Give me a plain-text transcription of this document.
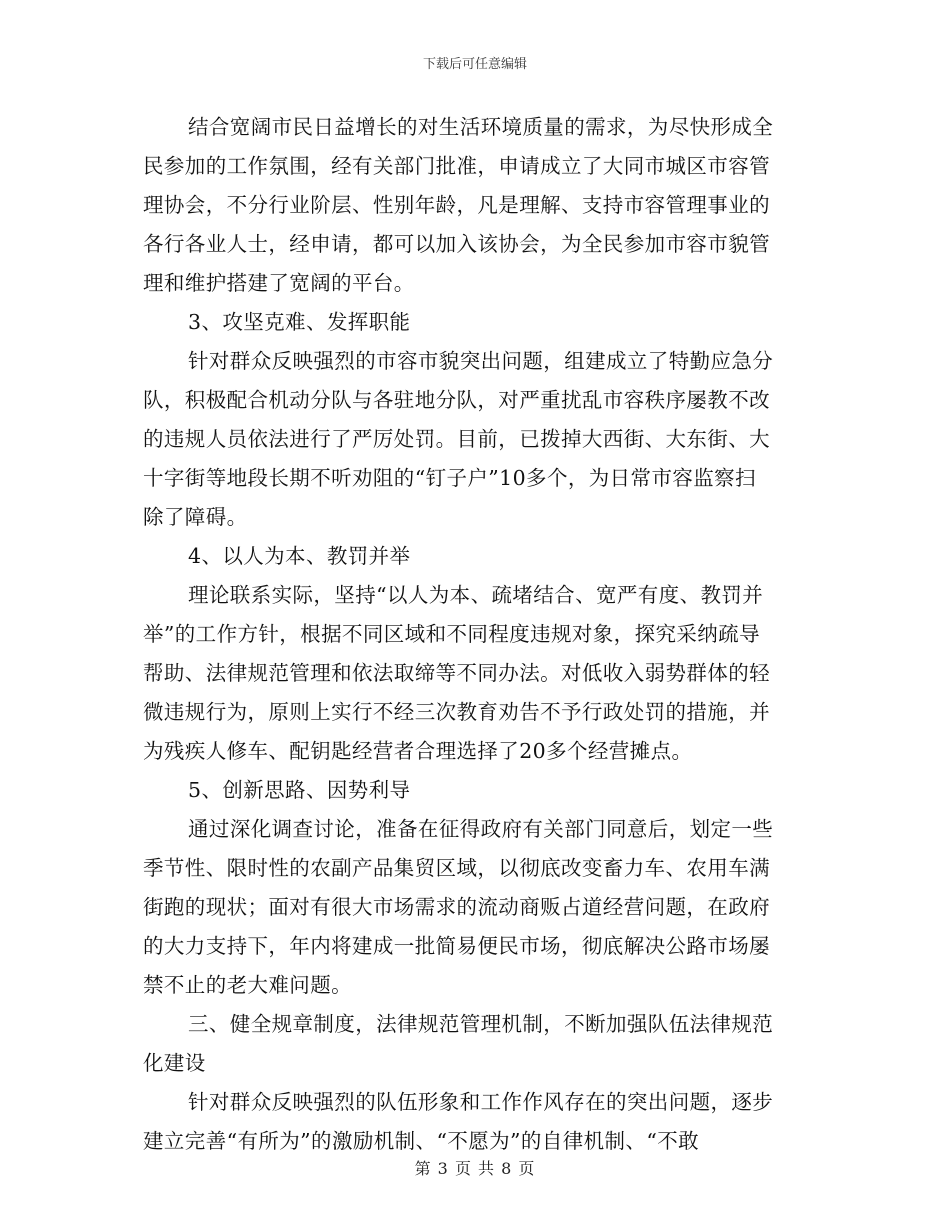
下载后可任意编辑
结合宽阔市民日益增长的对生活环境质量的需求，为尽快形成全
民参加的工作氛围，经有关部门批准，申请成立了大同市城区市容管
理协会，不分行业阶层、性别年龄，凡是理解、支持市容管理事业的
各行各业人士，经申请，都可以加入该协会，为全民参加市容市貌管
理和维护搭建了宽阔的平台。
3、攻坚克难、发挥职能
针对群众反映强烈的市容市貌突出问题，组建成立了特勤应急分
队，积极配合机动分队与各驻地分队，对严重扰乱市容秩序屡教不改
的违规人员依法进行了严厉处罚。目前，已拨掉大西街、大东街、大
十字街等地段长期不听劝阻的“钉子户”10多个，为日常市容监察扫
除了障碍。
4、以人为本、教罚并举
理论联系实际，坚持“以人为本、疏堵结合、宽严有度、教罚并
举”的工作方针，根据不同区域和不同程度违规对象，探究采纳疏导
帮助、法律规范管理和依法取缔等不同办法。对低收入弱势群体的轻
微违规行为，原则上实行不经三次教育劝告不予行政处罚的措施，并
为残疾人修车、配钥匙经营者合理选择了20多个经营摊点。
5、创新思路、因势利导
通过深化调查讨论，准备在征得政府有关部门同意后，划定一些
季节性、限时性的农副产品集贸区域，以彻底改变畜力车、农用车满
街跑的现状；面对有很大市场需求的流动商贩占道经营问题，在政府
的大力支持下，年内将建成一批简易便民市场，彻底解决公路市场屡
禁不止的老大难问题。
三、健全规章制度，法律规范管理机制，不断加强队伍法律规范
化建设
针对群众反映强烈的队伍形象和工作作风存在的突出问题，逐步
建立完善“有所为”的激励机制、“不愿为”的自律机制、“不敢
第 3 页 共 8 页
